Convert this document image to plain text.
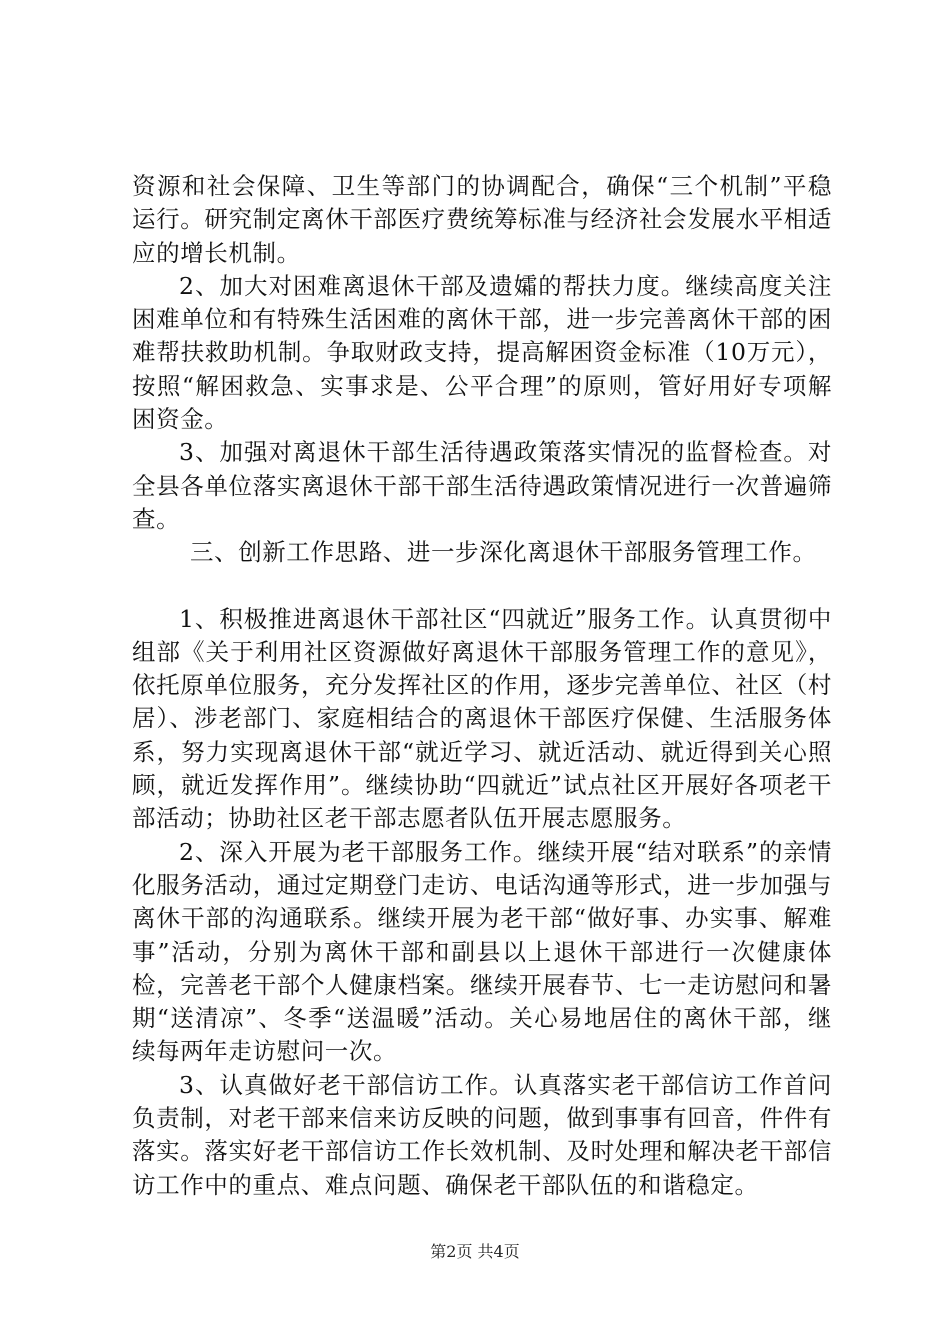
资源和社会保障、卫生等部门的协调配合，确保“三个机制”平稳运行。研究制定离休干部医疗费统筹标准与经济社会发展水平相适应的增长机制。

2、加大对困难离退休干部及遗孀的帮扶力度。继续高度关注困难单位和有特殊生活困难的离休干部，进一步完善离休干部的困难帮扶救助机制。争取财政支持，提高解困资金标准（10万元），按照“解困救急、实事求是、公平合理”的原则，管好用好专项解困资金。

3、加强对离退休干部生活待遇政策落实情况的监督检查。对全县各单位落实离退休干部干部生活待遇政策情况进行一次普遍筛查。

三、创新工作思路、进一步深化离退休干部服务管理工作。

1、积极推进离退休干部社区“四就近”服务工作。认真贯彻中组部《关于利用社区资源做好离退休干部服务管理工作的意见》，依托原单位服务，充分发挥社区的作用，逐步完善单位、社区（村居）、涉老部门、家庭相结合的离退休干部医疗保健、生活服务体系，努力实现离退休干部“就近学习、就近活动、就近得到关心照顾，就近发挥作用”。继续协助“四就近”试点社区开展好各项老干部活动；协助社区老干部志愿者队伍开展志愿服务。

2、深入开展为老干部服务工作。继续开展“结对联系”的亲情化服务活动，通过定期登门走访、电话沟通等形式，进一步加强与离休干部的沟通联系。继续开展为老干部“做好事、办实事、解难事”活动，分别为离休干部和副县以上退休干部进行一次健康体检，完善老干部个人健康档案。继续开展春节、七一走访慰问和暑期“送清凉”、冬季“送温暖”活动。关心易地居住的离休干部，继续每两年走访慰问一次。

3、认真做好老干部信访工作。认真落实老干部信访工作首问负责制，对老干部来信来访反映的问题，做到事事有回音，件件有落实。落实好老干部信访工作长效机制、及时处理和解决老干部信访工作中的重点、难点问题、确保老干部队伍的和谐稳定。

第2页 共4页
